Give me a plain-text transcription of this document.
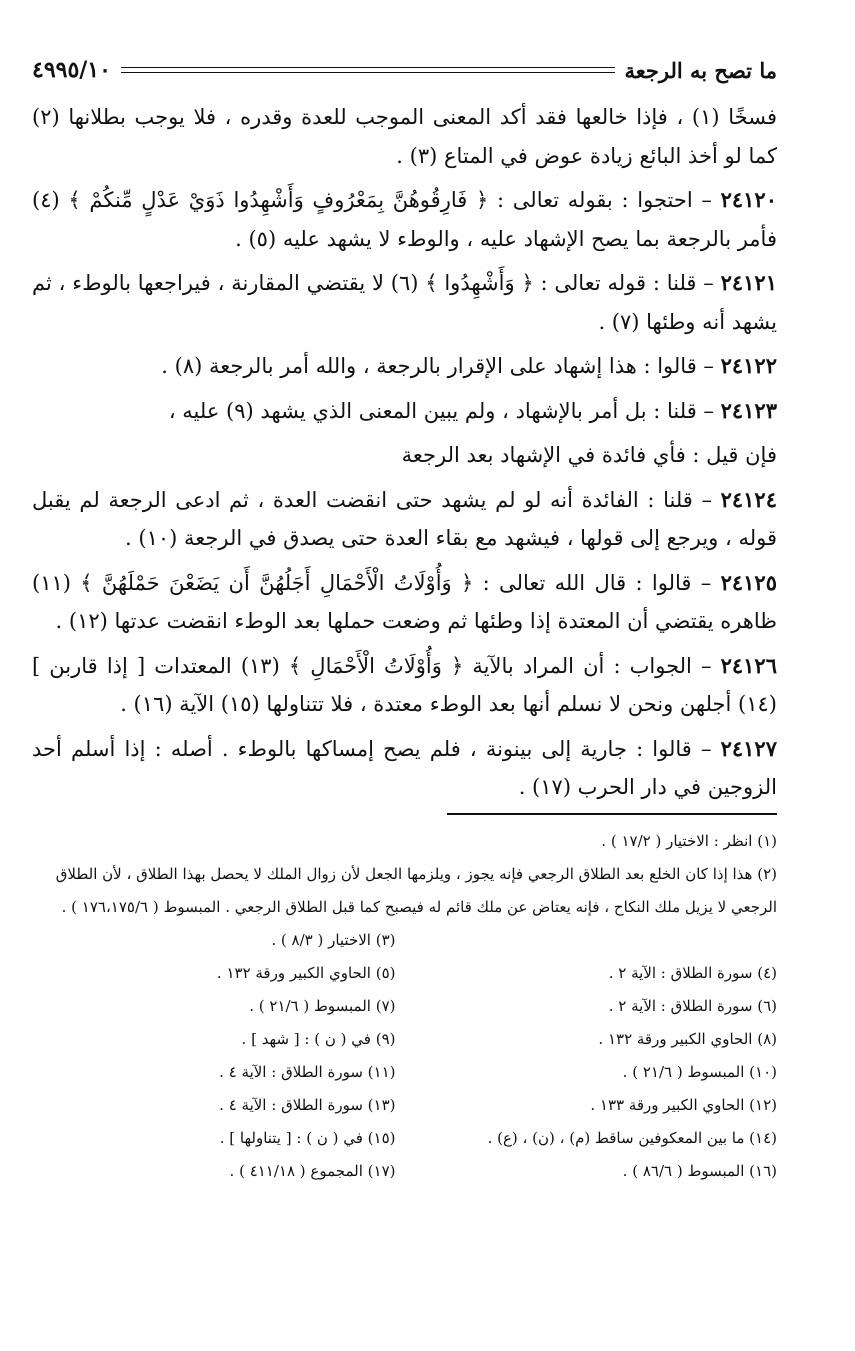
ما تصح به الرجعة
٤٩٩٥/١٠

فسخًا (١) ، فإذا خالعها فقد أكد المعنى الموجب للعدة وقدره ، فلا يوجب بطلانها (٢) كما لو أخذ البائع زيادة عوض في المتاع (٣) .

٢٤١٢٠ – احتجوا : بقوله تعالى : ﴿ فَارِقُوهُنَّ بِمَعْرُوفٍ وَأَشْهِدُوا ذَوَيْ عَدْلٍ مِّنكُمْ ﴾ (٤) فأمر بالرجعة بما يصح الإشهاد عليه ، والوطء لا يشهد عليه (٥) .

٢٤١٢١ – قلنا : قوله تعالى : ﴿ وَأَشْهِدُوا ﴾ (٦) لا يقتضي المقارنة ، فيراجعها بالوطء ، ثم يشهد أنه وطئها (٧) .

٢٤١٢٢ – قالوا : هذا إشهاد على الإقرار بالرجعة ، والله أمر بالرجعة (٨) .

٢٤١٢٣ – قلنا : بل أمر بالإشهاد ، ولم يبين المعنى الذي يشهد (٩) عليه ،

فإن قيل : فأي فائدة في الإشهاد بعد الرجعة

٢٤١٢٤ – قلنا : الفائدة أنه لو لم يشهد حتى انقضت العدة ، ثم ادعى الرجعة لم يقبل قوله ، ويرجع إلى قولها ، فيشهد مع بقاء العدة حتى يصدق في الرجعة (١٠) .

٢٤١٢٥ – قالوا : قال الله تعالى : ﴿ وَأُوْلَاتُ الْأَحْمَالِ أَجَلُهُنَّ أَن يَضَعْنَ حَمْلَهُنَّ ﴾ (١١) ظاهره يقتضي أن المعتدة إذا وطئها ثم وضعت حملها بعد الوطء انقضت عدتها (١٢) .

٢٤١٢٦ – الجواب : أن المراد بالآية ﴿ وَأُوْلَاتُ الْأَحْمَالِ ﴾ (١٣) المعتدات [ إذا قاربن ] (١٤) أجلهن ونحن لا نسلم أنها بعد الوطء معتدة ، فلا تتناولها (١٥) الآية (١٦) .

٢٤١٢٧ – قالوا : جارية إلى بينونة ، فلم يصح إمساكها بالوطء . أصله : إذا أسلم أحد الزوجين في دار الحرب (١٧) .

(١) انظر : الاختيار ( ١٧/٢ ) .
(٢) هذا إذا كان الخلع بعد الطلاق الرجعي فإنه يجوز ، ويلزمها الجعل لأن زوال الملك لا يحصل بهذا الطلاق ، لأن الطلاق الرجعي لا يزيل ملك النكاح ، فإنه يعتاض عن ملك قائم له فيصبح كما قبل الطلاق الرجعي . المبسوط ( ١٧٦،١٧٥/٦ ) .
(٣) الاختيار ( ٨/٣ ) .
(٤) سورة الطلاق : الآية ٢ .
(٥) الحاوي الكبير ورقة ١٣٢ .
(٦) سورة الطلاق : الآية ٢ .
(٧) المبسوط ( ٢١/٦ ) .
(٨) الحاوي الكبير ورقة ١٣٢ .
(٩) في ( ن ) : [ شهد ] .
(١٠) المبسوط ( ٢١/٦ ) .
(١١) سورة الطلاق : الآية ٤ .
(١٢) الحاوي الكبير ورقة ١٣٣ .
(١٣) سورة الطلاق : الآية ٤ .
(١٤) ما بين المعكوفين ساقط (م) ، (ن) ، (ع) .
(١٥) في ( ن ) : [ يتناولها ] .
(١٦) المبسوط ( ٨٦/٦ ) .
(١٧) المجموع ( ٤١١/١٨ ) .
